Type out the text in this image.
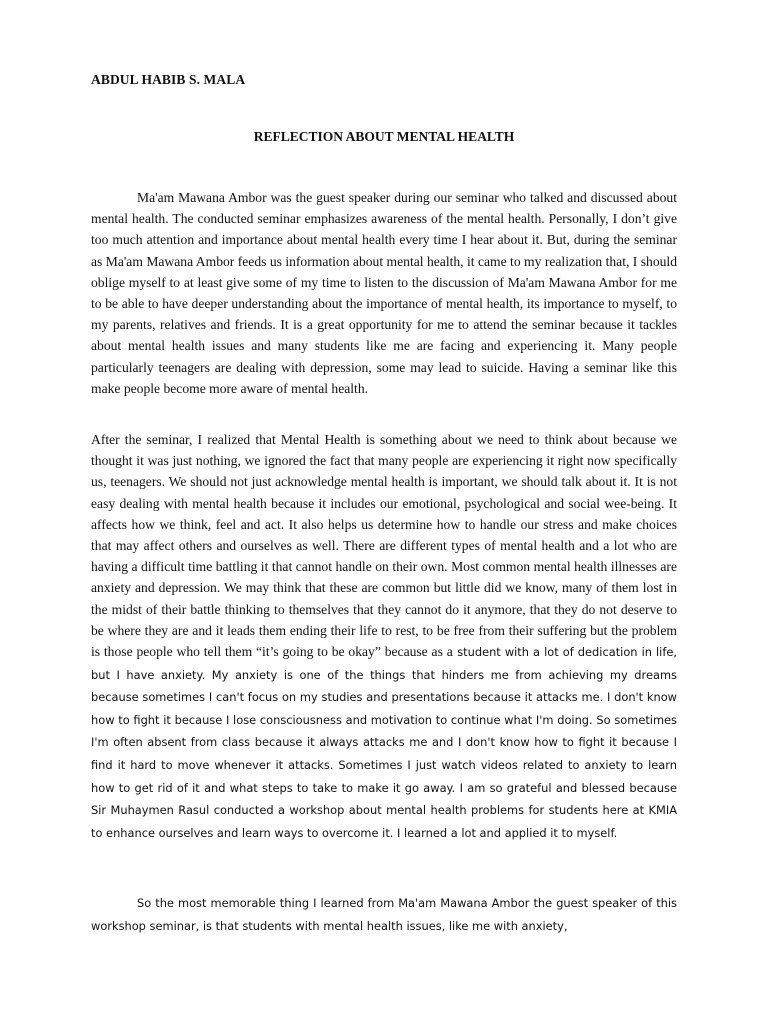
ABDUL HABIB S. MALA
REFLECTION ABOUT MENTAL HEALTH

Ma'am Mawana Ambor was the guest speaker during our seminar who talked and discussed about mental health. The conducted seminar emphasizes awareness of the mental health. Personally, I don’t give too much attention and importance about mental health every time I hear about it. But, during the seminar as Ma'am Mawana Ambor feeds us information about mental health, it came to my realization that, I should oblige myself to at least give some of my time to listen to the discussion of Ma'am Mawana Ambor for me to be able to have deeper understanding about the importance of mental health, its importance to myself, to my parents, relatives and friends. It is a great opportunity for me to attend the seminar because it tackles about mental health issues and many students like me are facing and experiencing it. Many people particularly teenagers are dealing with depression, some may lead to suicide. Having a seminar like this make people become more aware of mental health.

After the seminar, I realized that Mental Health is something about we need to think about because we thought it was just nothing, we ignored the fact that many people are experiencing it right now specifically us, teenagers. We should not just acknowledge mental health is important, we should talk about it. It is not easy dealing with mental health because it includes our emotional, psychological and social wee-being. It affects how we think, feel and act. It also helps us determine how to handle our stress and make choices that may affect others and ourselves as well. There are different types of mental health and a lot who are having a difficult time battling it that cannot handle on their own. Most common mental health illnesses are anxiety and depression. We may think that these are common but little did we know, many of them lost in the midst of their battle thinking to themselves that they cannot do it anymore, that they do not deserve to be where they are and it leads them ending their life to rest, to be free from their suffering but the problem is those people who tell them “it’s going to be okay” because as a student with a lot of dedication in life, but I have anxiety. My anxiety is one of the things that hinders me from achieving my dreams because sometimes I can't focus on my studies and presentations because it attacks me. I don't know how to fight it because I lose consciousness and motivation to continue what I'm doing. So sometimes I'm often absent from class because it always attacks me and I don't know how to fight it because I find it hard to move whenever it attacks. Sometimes I just watch videos related to anxiety to learn how to get rid of it and what steps to take to make it go away. I am so grateful and blessed because Sir Muhaymen Rasul conducted a workshop about mental health problems for students here at KMIA to enhance ourselves and learn ways to overcome it. I learned a lot and applied it to myself.

So the most memorable thing I learned from Ma'am Mawana Ambor the guest speaker of this workshop seminar, is that students with mental health issues, like me with anxiety,
